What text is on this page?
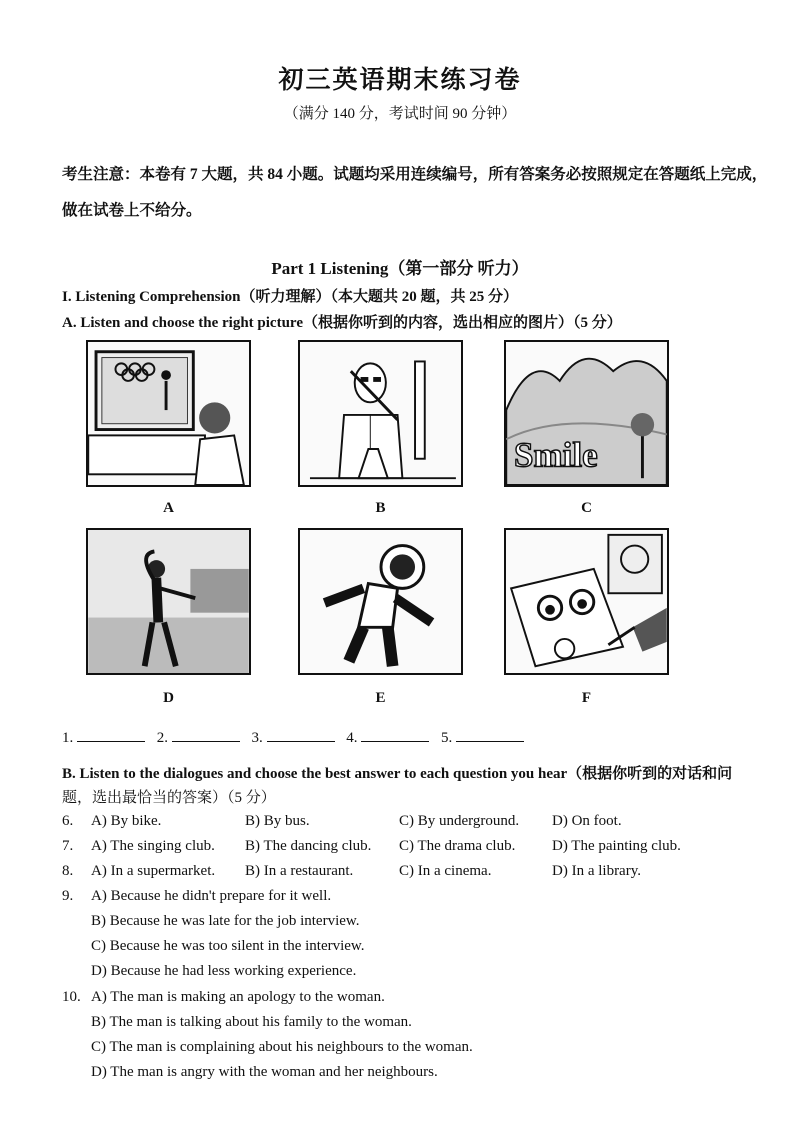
初三英语期末练习卷
（满分 140 分，考试时间 90 分钟）
考生注意：本卷有 7 大题，共 84 小题。试题均采用连续编号，所有答案务必按照规定在答题纸上完成，
做在试卷上不给分。
Part 1 Listening（第一部分 听力）
I. Listening Comprehension（听力理解）（本大题共 20 题，共 25 分）
A. Listen and choose the right picture（根据你听到的内容，选出相应的图片）（5 分）
Smile
A	B	C
D	E	F
1.	2.	3.	4.	5.
B. Listen to the dialogues and choose the best answer to each question you hear（根据你听到的对话和问
题，选出最恰当的答案）（5 分）
6. A) By bike.	B) By bus.	C) By underground. D) On foot.
7. A) The singing club. B) The dancing club. C) The drama club. D) The painting club.
8. A) In a supermarket. B) In a restaurant.	C) In a cinema.	D) In a library.
9. A) Because he didn't prepare for it well.
B) Because he was late for the job interview.
C) Because he was too silent in the interview.
D) Because he had less working experience.
10. A) The man is making an apology to the woman.
B) The man is talking about his family to the woman.
C) The man is complaining about his neighbours to the woman.
D) The man is angry with the woman and her neighbours.
